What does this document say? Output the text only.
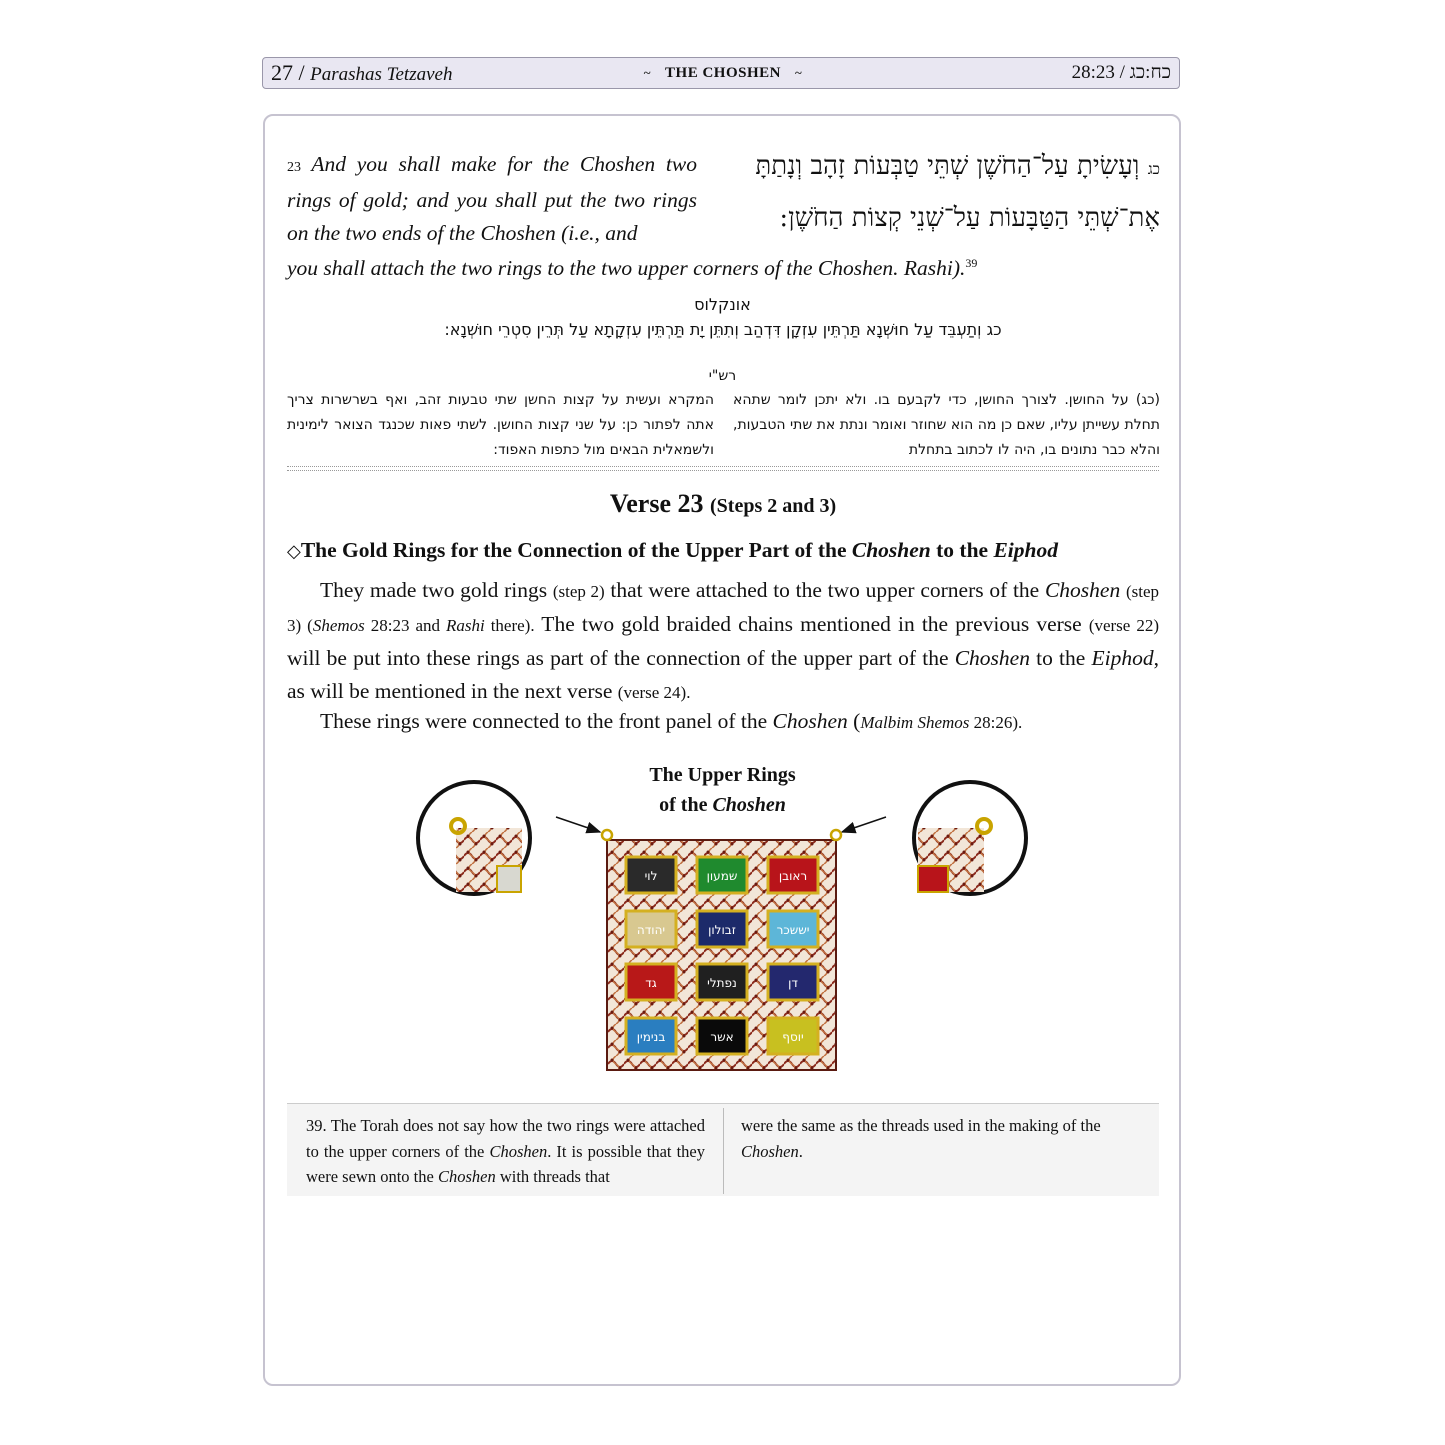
27 / Parashas Tetzaveh	~ THE CHOSHEN ~	28:23 / כח:כג
23 And you shall make for the Choshen two rings of gold; and you shall put the two rings on the two ends of the Choshen (i.e., and
you shall attach the two rings to the two upper corners of the Choshen. Rashi).$^{39}$
כג וְעָשִׂיתָ עַל־הַחֹשֶׁן שְׁתֵּי טַבְּעוֹת זָהָב וְנָתַתָּ
אֶת־שְׁתֵּי הַטַּבָּעוֹת עַל־שְׁנֵי קְצוֹת הַחֹשֶׁן:
אונקלוס
כג וְתַעְבֵּד עַל חוּשְׁנָא תַּרְתֵּין עִזְקָן דִּדְהַב וְתִתֵּן יָת תַּרְתֵּין עִזְקָתָא עַל תְּרֵין סִטְרֵי חוּשְׁנָא:
רש"י
(כג) על החושן. לצורך החושן, כדי לקבעם בו. ולא יתכן לומר שתהא תחלת עשייתן עליו, שאם כן מה הוא שחוזר ואומר ונתת את שתי הטבעות, והלא כבר נתונים בו, היה לו לכתוב בתחלת
המקרא ועשית על קצות החשן שתי טבעות זהב, ואף בשרשרות צריך אתה לפתור כן: על שני קצות החושן. לשתי פאות שכנגד הצואר לימינית ולשמאלית הבאים מול כתפות האפוד:
Verse 23 (Steps 2 and 3)
◇The Gold Rings for the Connection of the Upper Part of the Choshen to the Eiphod
They made two gold rings (step 2) that were attached to the two upper corners of the Choshen (step 3) (Shemos 28:23 and Rashi there). The two gold braided chains mentioned in the previous verse (verse 22) will be put into these rings as part of the connection of the upper part of the Choshen to the Eiphod, as will be mentioned in the next verse (verse 24).
These rings were connected to the front panel of the Choshen (Malbim Shemos 28:26).
The Upper Rings
of the Choshen
ראובן
שמעון
לוי
יששכר
זבולון
יהודה
דן
נפתלי
גד
יוסף
אשר
בנימין
39. The Torah does not say how the two rings were attached to the upper corners of the Choshen. It is possible that they were sewn onto the Choshen with threads that
were the same as the threads used in the making of the Choshen.
